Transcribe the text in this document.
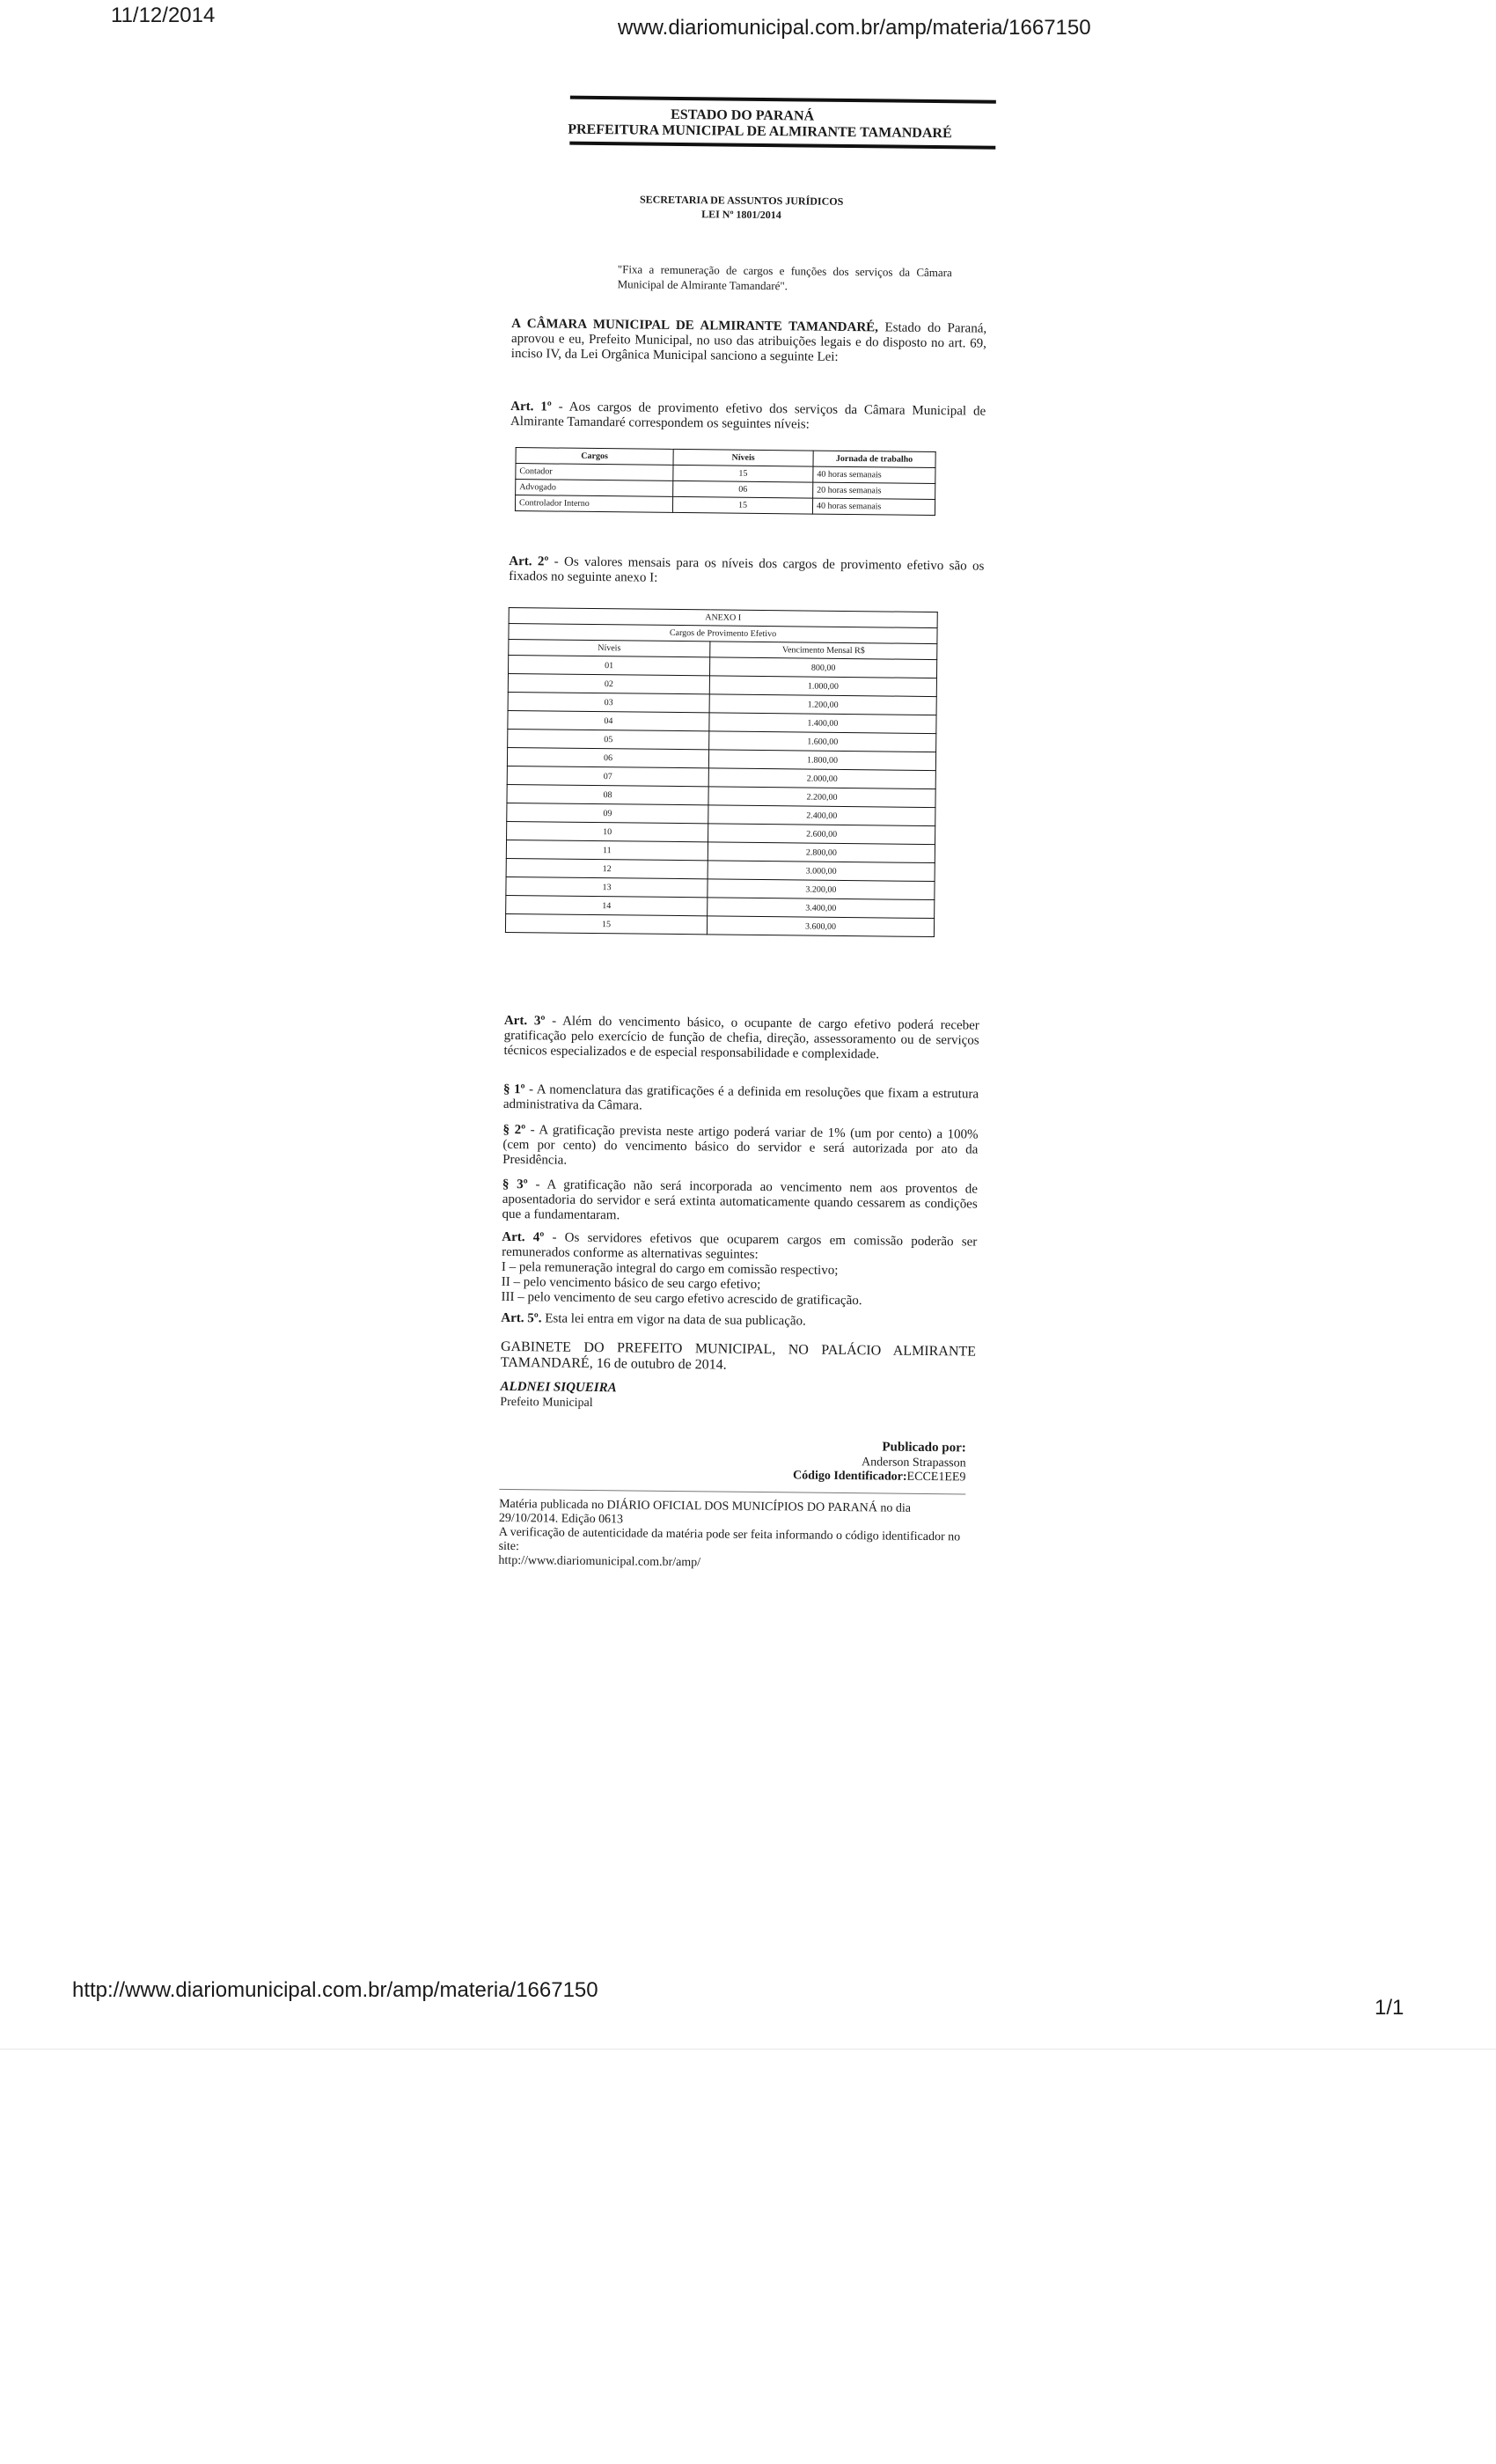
11/12/2014
www.diariomunicipal.com.br/amp/materia/1667150
http://www.diariomunicipal.com.br/amp/materia/1667150
1/1
ESTADO DO PARANÁ
PREFEITURA MUNICIPAL DE ALMIRANTE TAMANDARÉ
SECRETARIA DE ASSUNTOS JURÍDICOS
LEI Nº 1801/2014
"Fixa a remuneração de cargos e funções dos serviços da Câmara Municipal de Almirante Tamandaré".
A CÂMARA MUNICIPAL DE ALMIRANTE TAMANDARÉ, Estado do Paraná, aprovou e eu, Prefeito Municipal, no uso das atribuições legais e do disposto no art. 69, inciso IV, da Lei Orgânica Municipal sanciono a seguinte Lei:
Art. 1º - Aos cargos de provimento efetivo dos serviços da Câmara Municipal de Almirante Tamandaré correspondem os seguintes níveis:
Cargos	Níveis	Jornada de trabalho
Contador	15	40 horas semanais
Advogado	06	20 horas semanais
Controlador Interno	15	40 horas semanais
Art. 2º - Os valores mensais para os níveis dos cargos de provimento efetivo são os fixados no seguinte anexo I:
ANEXO I	
Cargos de Provimento Efetivo	
Níveis	Vencimento Mensal R$
01	800,00
02	1.000,00
03	1.200,00
04	1.400,00
05	1.600,00
06	1.800,00
07	2.000,00
08	2.200,00
09	2.400,00
10	2.600,00
11	2.800,00
12	3.000,00
13	3.200,00
14	3.400,00
15	3.600,00
Art. 3º - Além do vencimento básico, o ocupante de cargo efetivo poderá receber gratificação pelo exercício de função de chefia, direção, assessoramento ou de serviços técnicos especializados e de especial responsabilidade e complexidade.
§ 1º - A nomenclatura das gratificações é a definida em resoluções que fixam a estrutura administrativa da Câmara.
§ 2º - A gratificação prevista neste artigo poderá variar de 1% (um por cento) a 100% (cem por cento) do vencimento básico do servidor e será autorizada por ato da Presidência.
§ 3º - A gratificação não será incorporada ao vencimento nem aos proventos de aposentadoria do servidor e será extinta automaticamente quando cessarem as condições que a fundamentaram.
Art. 4º - Os servidores efetivos que ocuparem cargos em comissão poderão ser remunerados conforme as alternativas seguintes:
I – pela remuneração integral do cargo em comissão respectivo;
II – pelo vencimento básico de seu cargo efetivo;
III – pelo vencimento de seu cargo efetivo acrescido de gratificação.
Art. 5º. Esta lei entra em vigor na data de sua publicação.
GABINETE DO PREFEITO MUNICIPAL, NO PALÁCIO ALMIRANTE TAMANDARÉ, 16 de outubro de 2014.
ALDNEI SIQUEIRA
Prefeito Municipal
Publicado por:
Anderson Strapasson
Código Identificador:ECCE1EE9
Matéria publicada no DIÁRIO OFICIAL DOS MUNICÍPIOS DO PARANÁ no dia 29/10/2014. Edição 0613
A verificação de autenticidade da matéria pode ser feita informando o código identificador no site:
http://www.diariomunicipal.com.br/amp/
